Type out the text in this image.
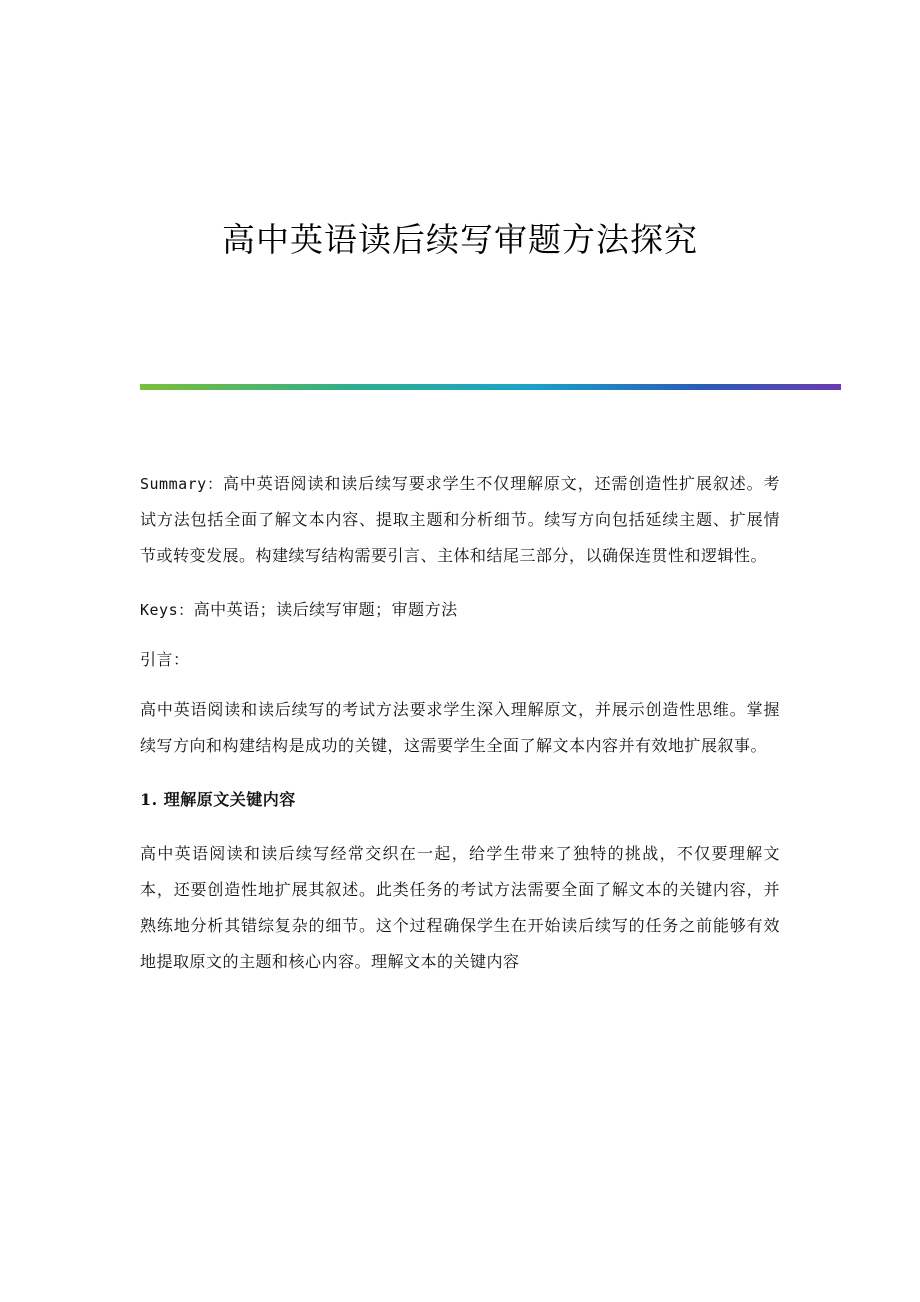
高中英语读后续写审题方法探究

Summary：高中英语阅读和读后续写要求学生不仅理解原文，还需创造性扩展叙述。考试方法包括全面了解文本内容、提取主题和分析细节。续写方向包括延续主题、扩展情节或转变发展。构建续写结构需要引言、主体和结尾三部分，以确保连贯性和逻辑性。

Keys：高中英语；读后续写审题；审题方法

引言：

高中英语阅读和读后续写的考试方法要求学生深入理解原文，并展示创造性思维。掌握续写方向和构建结构是成功的关键，这需要学生全面了解文本内容并有效地扩展叙事。

1. 理解原文关键内容

高中英语阅读和读后续写经常交织在一起，给学生带来了独特的挑战，不仅要理解文本，还要创造性地扩展其叙述。此类任务的考试方法需要全面了解文本的关键内容，并熟练地分析其错综复杂的细节。这个过程确保学生在开始读后续写的任务之前能够有效地提取原文的主题和核心内容。理解文本的关键内容
